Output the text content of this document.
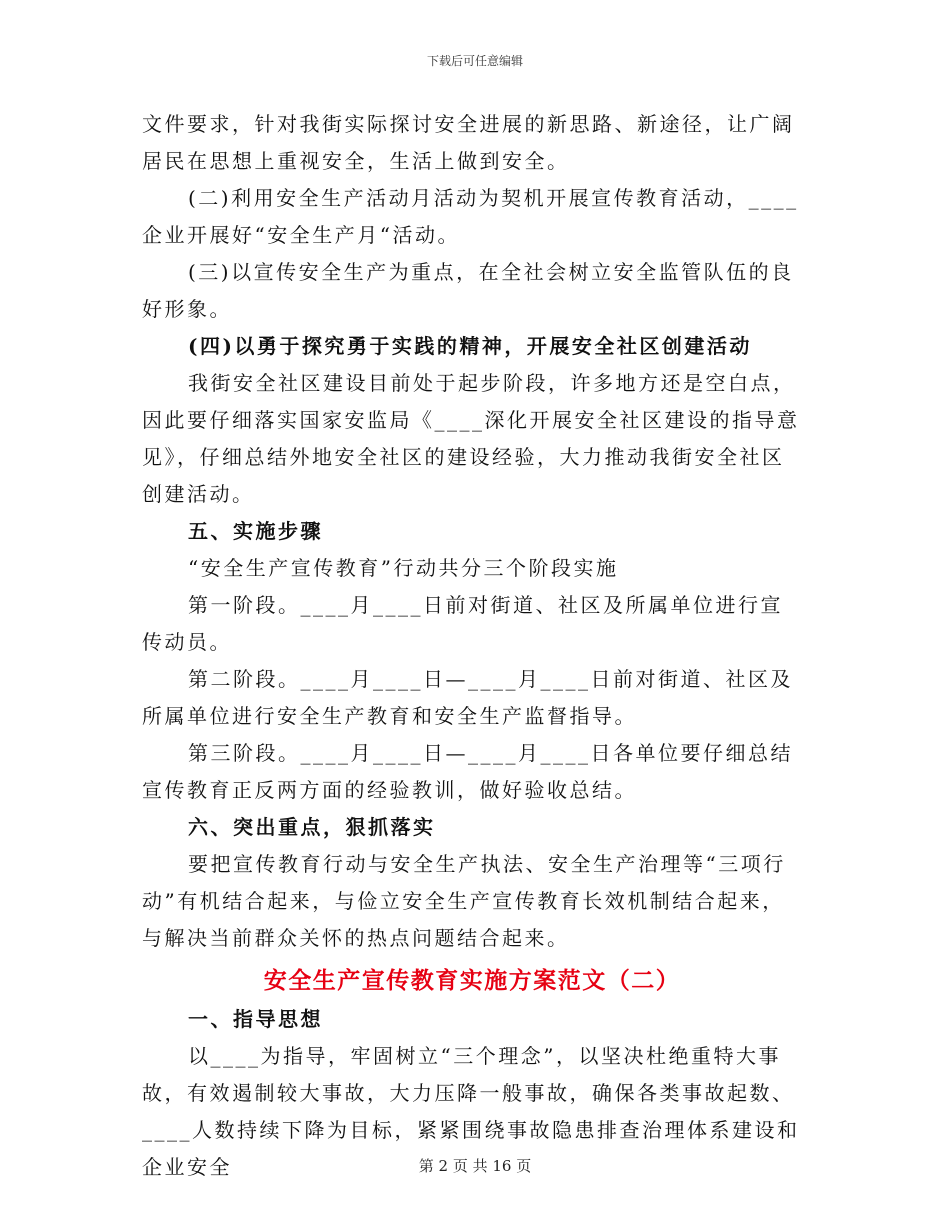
下载后可任意编辑

文件要求，针对我街实际探讨安全进展的新思路、新途径，让广阔居民在思想上重视安全，生活上做到安全。

(二)利用安全生产活动月活动为契机开展宣传教育活动，____企业开展好“安全生产月“活动。

(三)以宣传安全生产为重点，在全社会树立安全监管队伍的良好形象。

(四)以勇于探究勇于实践的精神，开展安全社区创建活动

我街安全社区建设目前处于起步阶段，许多地方还是空白点，因此要仔细落实国家安监局《____深化开展安全社区建设的指导意见》，仔细总结外地安全社区的建设经验，大力推动我街安全社区创建活动。

五、实施步骤

“安全生产宣传教育”行动共分三个阶段实施

第一阶段。____月____日前对街道、社区及所属单位进行宣传动员。

第二阶段。____月____日—____月____日前对街道、社区及所属单位进行安全生产教育和安全生产监督指导。

第三阶段。____月____日—____月____日各单位要仔细总结宣传教育正反两方面的经验教训，做好验收总结。

六、突出重点，狠抓落实

要把宣传教育行动与安全生产执法、安全生产治理等“三项行动”有机结合起来，与俭立安全生产宣传教育长效机制结合起来，与解决当前群众关怀的热点问题结合起来。

安全生产宣传教育实施方案范文（二）

一、指导思想

以____为指导，牢固树立“三个理念”，以坚决杜绝重特大事故，有效遏制较大事故，大力压降一般事故，确保各类事故起数、____人数持续下降为目标，紧紧围绕事故隐患排查治理体系建设和企业安全	第 2 页 共 16 页
